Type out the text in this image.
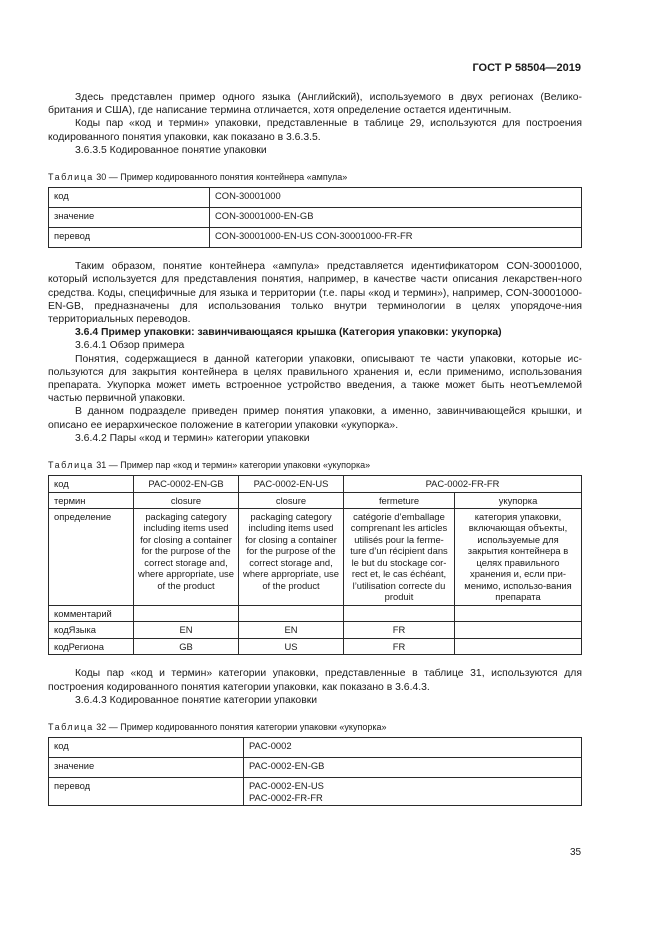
ГОСТ Р 58504—2019

Здесь представлен пример одного языка (Английский), используемого в двух регионах (Велико-британия и США), где написание термина отличается, хотя определение остается идентичным.

Коды пар «код и термин» упаковки, представленные в таблице 29, используются для построения кодированного понятия упаковки, как показано в 3.6.3.5.

3.6.3.5 Кодированное понятие упаковки

Таблица 30 — Пример кодированного понятия контейнера «ампула»
код	CON-30001000
значение	CON-30001000-EN-GB
перевод	CON-30001000-EN-US CON-30001000-FR-FR

Таким образом, понятие контейнера «ампула» представляется идентификатором CON-30001000, который используется для представления понятия, например, в качестве части описания лекарствен-ного средства. Коды, специфичные для языка и территории (т.е. пары «код и термин»), например, CON-30001000-EN-GB, предназначены для использования только внутри терминологии в целях упорядоче-ния территориальных переводов.

3.6.4 Пример упаковки: завинчивающаяся крышка (Категория упаковки: укупорка)

3.6.4.1 Обзор примера

Понятия, содержащиеся в данной категории упаковки, описывают те части упаковки, которые ис-пользуются для закрытия контейнера в целях правильного хранения и, если применимо, использования препарата. Укупорка может иметь встроенное устройство введения, а также может быть неотъемлемой частью первичной упаковки.

В данном подразделе приведен пример понятия упаковки, а именно, завинчивающейся крышки, и описано ее иерархическое положение в категории упаковки «укупорка».

3.6.4.2 Пары «код и термин» категории упаковки

Таблица 31 — Пример пар «код и термин» категории упаковки «укупорка»
код	PAC-0002-EN-GB	PAC-0002-EN-US	PAC-0002-FR-FR	
термин	closure	closure	fermeture	укупорка
определение	packaging category including items used for closing a container for the purpose of the correct storage and, where appropriate, use of the product	packaging category including items used for closing a container for the purpose of the correct storage and, where appropriate, use of the product	catégorie d’emballage comprenant les articles utilisés pour la ferme-ture d’un récipient dans le but du stockage cor-rect et, le cas échéant, l’utilisation correcte du produit	категория упаковки, включающая объекты, используемые для закрытия контейнера в целях правильного хранения и, если при-менимо, использо-вания препарата
комментарий				
кодЯзыка	EN	EN	FR	
кодРегиона	GB	US	FR	

Коды пар «код и термин» категории упаковки, представленные в таблице 31, используются для построения кодированного понятия категории упаковки, как показано в 3.6.4.3.

3.6.4.3 Кодированное понятие категории упаковки

Таблица 32 — Пример кодированного понятия категории упаковки «укупорка»
код	PAC-0002
значение	PAC-0002-EN-GB
перевод	PAC-0002-EN-US
PAC-0002-FR-FR
35
